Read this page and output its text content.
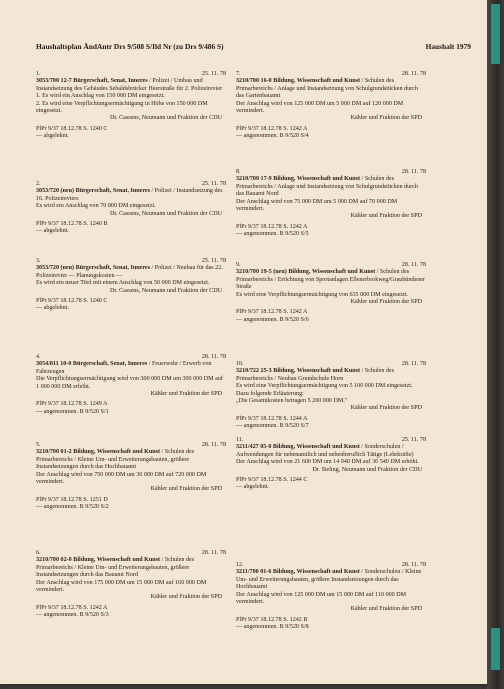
Haushaltsplan ÄndAntr Drs 9/508 S/Ild Nr (zu Drs 9/486 S)	Haushalt 1979
1.	25. 11. 78
3053/700 12-7 Bürgerschaft, Senat, Inneres / Polizei / Umbau und Instandsetzung des Gebäudes Sebaldsbrücker Heerstraße für 2. Polizeirevier
1. Es wird ein Anschlag von 150 000 DM eingesetzt.
2. Es wird eine Verpflichtungsermächtigung in Höhe von 150 000 DM eingesetzt.
Dr. Cassens, Neumann und Fraktion der CDU
PlPr 9/37 18.12.78 S. 1240 C
— abgelehnt.
2.	25. 11. 78
3053/720 (neu) Bürgerschaft, Senat, Inneres / Polizei / Instandsetzung des 16. Polizeireviers
Es wird ein Anschlag von 70 000 DM eingesetzt.
Dr. Cassens, Neumann und Fraktion der CDU
PlPr 9/37 18.12.78 S. 1240 B
— abgelehnt.
3.	25. 11. 78
3053/720 (neu) Bürgerschaft, Senat, Inneres / Polizei / Neubau für das 22. Polizeirevier — Planungskosten —
Es wird ein neuer Titel mit einem Anschlag von 50 000 DM eingesetzt.
Dr. Cassens, Neumann und Fraktion der CDU
PlPr 9/37 18.12.78 S. 1240 C
— abgelehnt.
4.	28. 11. 78
3054/811 10-0 Bürgerschaft, Senat, Inneres / Feuerwehr / Erwerb von Fahrzeugen
Die Verpflichtungsermächtigung wird von 300 000 DM um 300 000 DM auf 1 000 000 DM erhöht.
Kähler und Fraktion der SPD
PlPr 9/37 18.12.78 S. 1249 A
— angenommen. B 9/520 S/1
5.	28. 11. 78
3210/700 01-2 Bildung, Wissenschaft und Kunst / Schulen des Primarbereichs / Kleine Um- und Erweiterungsbauten, größere Instandsetzungen durch das Hochbauamt
Der Anschlag wird von 750 000 DM um 30 000 DM auf 720 000 DM vermindert.
Kähler und Fraktion der SPD
PlPr 9/37 18.12.78 S. 1251 D
— angenommen. B 9/520 S/2
6.	28. 11. 78
3210/700 02-0 Bildung, Wissenschaft und Kunst / Schulen des Primarbereichs / Kleine Um- und Erweiterungsbauten, größere Instandsetzungen durch das Bauamt Nord
Der Anschlag wird von 175 000 DM um 15 000 DM auf 160 000 DM vermindert.
Kähler und Fraktion der SPD
PlPr 9/37 18.12.78 S. 1242 A
— angenommen. B 9/520 S/3
7.	28. 11. 78
3210/700 16-0 Bildung, Wissenschaft und Kunst / Schulen des Primarbereichs / Anlage und Instandsetzung von Schulgrundstücken durch das Gartenbauamt
Der Anschlag wird von 125 000 DM um 5 000 DM auf 120 000 DM vermindert.
Kähler und Fraktion der SPD
PlPr 9/37 18.12.78 S. 1242 A
— angenommen. B 9/520 S/4
8.	28. 11. 78
3210/700 17-9 Bildung, Wissenschaft und Kunst / Schulen des Primarbereichs / Anlage und Instandsetzung von Schulgrundstücken durch das Bauamt Nord
Der Anschlag wird von 75 000 DM um 5 000 DM auf 70 000 DM vermindert.
Kähler und Fraktion der SPD
PlPr 9/37 18.12.78 S. 1242 A
— angenommen. B 9/520 S/5
9.	28. 11. 78
3210/700 19-5 (neu) Bildung, Wissenschaft und Kunst / Schulen des Primarbereichs / Errichtung von Sportanlagen Ellenerbrokweg/Graubündener Straße
Es wird eine Verpflichtungsermächtigung von 635 000 DM eingesetzt.
Kähler und Fraktion der SPD
PlPr 9/37 18.12.78 S. 1242 A
— angenommen. B 9/520 S/6
10.	28. 11. 78
3210/722 25-3 Bildung, Wissenschaft und Kunst / Schulen des Primarbereichs / Neubau Grundschule Horn
Es wird eine Verpflichtungsermächtigung von 5 100 000 DM eingesetzt.
Dazu folgende Erläuterung:
„Die Gesamtkosten betragen 5 200 000 DM."
Kähler und Fraktion der SPD
PlPr 9/37 18.12.78 S. 1244 A
— angenommen. B 9/520 S/7
11.	25. 11. 78
3211/427 05-0 Bildung, Wissenschaft und Kunst / Sonderschulen / Aufwendungen für nebenamtlich und nebenberuflich Tätige (Lehrkräfte)
Der Anschlag wird von 21 600 DM um 14 940 DM auf 36 540 DM erhöht.
Dr. Sieling, Neumann und Fraktion der CDU
PlPr 9/37 18.12.78 S. 1244 C
— abgelehnt.
12.	28. 11. 78
3211/700 01-6 Bildung, Wissenschaft und Kunst / Sonderschulen / Kleine Um- und Erweiterungsbauten, größere Instandsetzungen durch das Hochbauamt
Der Anschlag wird von 125 000 DM um 15 000 DM auf 110 000 DM vermindert.
Kähler und Fraktion der SPD
PlPr 9/37 18.12.78 S. 1242 B
— angenommen. B 9/520 S/8
